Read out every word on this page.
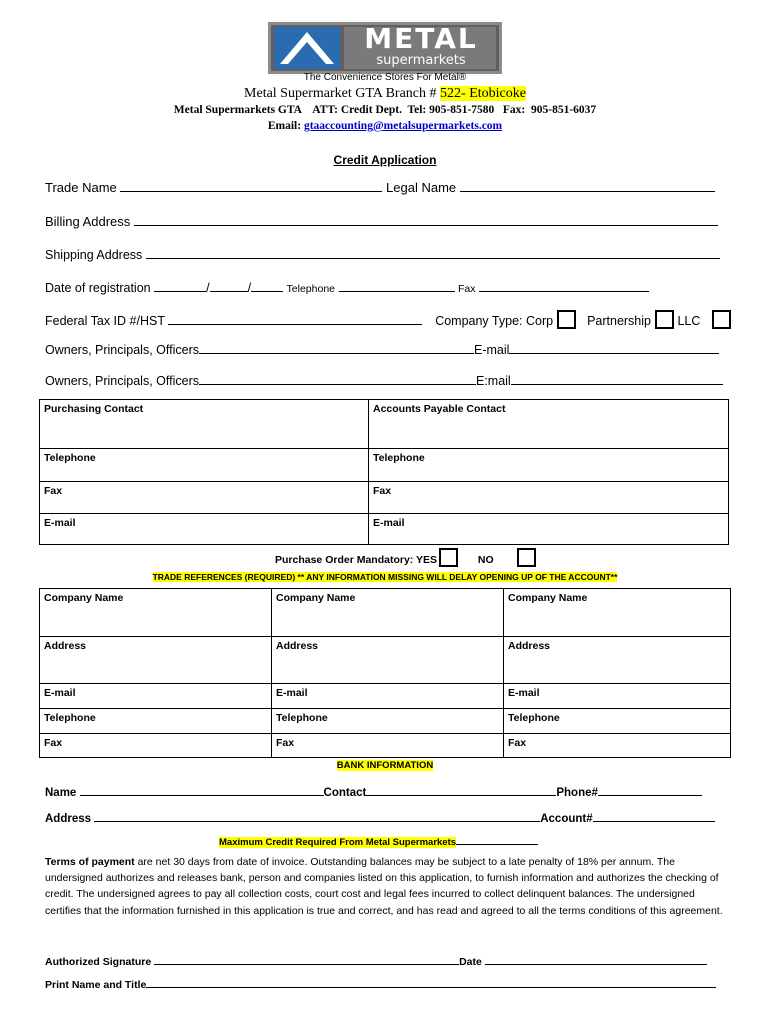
METAL
supermarkets
The Convenience Stores For Metal®
Metal Supermarket GTA Branch # 522- Etobicoke
Metal Supermarkets GTA    ATT: Credit Dept.  Tel: 905-851-7580   Fax:  905-851-6037
Email: gtaaccounting@metalsupermarkets.com
Credit Application
Trade Name	Legal Name
Billing Address
Shipping Address
Date of registration	/	/	Telephone	Fax
Federal Tax ID #/HST	Company Type: Corp	Partnership LLC
Owners, Principals, Officers	E-mail
Owners, Principals, Officers	E:mail
Purchasing Contact	Accounts Payable Contact
Telephone	Telephone
Fax	Fax
E-mail	E-mail
Purchase Order Mandatory: YES	NO
TRADE REFERENCES (REQUIRED) ** ANY INFORMATION MISSING WILL DELAY OPENING UP OF THE ACCOUNT**
Company Name	Company Name	Company Name
Address	Address	Address
E-mail	E-mail	E-mail
Telephone	Telephone	Telephone
Fax	Fax	Fax
BANK INFORMATION
Name	Contact	Phone#
Address	Account#
Maximum Credit Required From Metal Supermarkets
Terms of payment are net 30 days from date of invoice. Outstanding balances may be subject to a late penalty of 18% per annum. The undersigned authorizes and releases bank, person and companies listed on this application, to furnish information and authorizes the checking of credit. The undersigned agrees to pay all collection costs, court cost and legal fees incurred to collect delinquent balances. The undersigned certifies that the information furnished in this application is true and correct, and has read and agreed to all the terms conditions of this agreement.
Authorized Signature	Date
Print Name and Title
